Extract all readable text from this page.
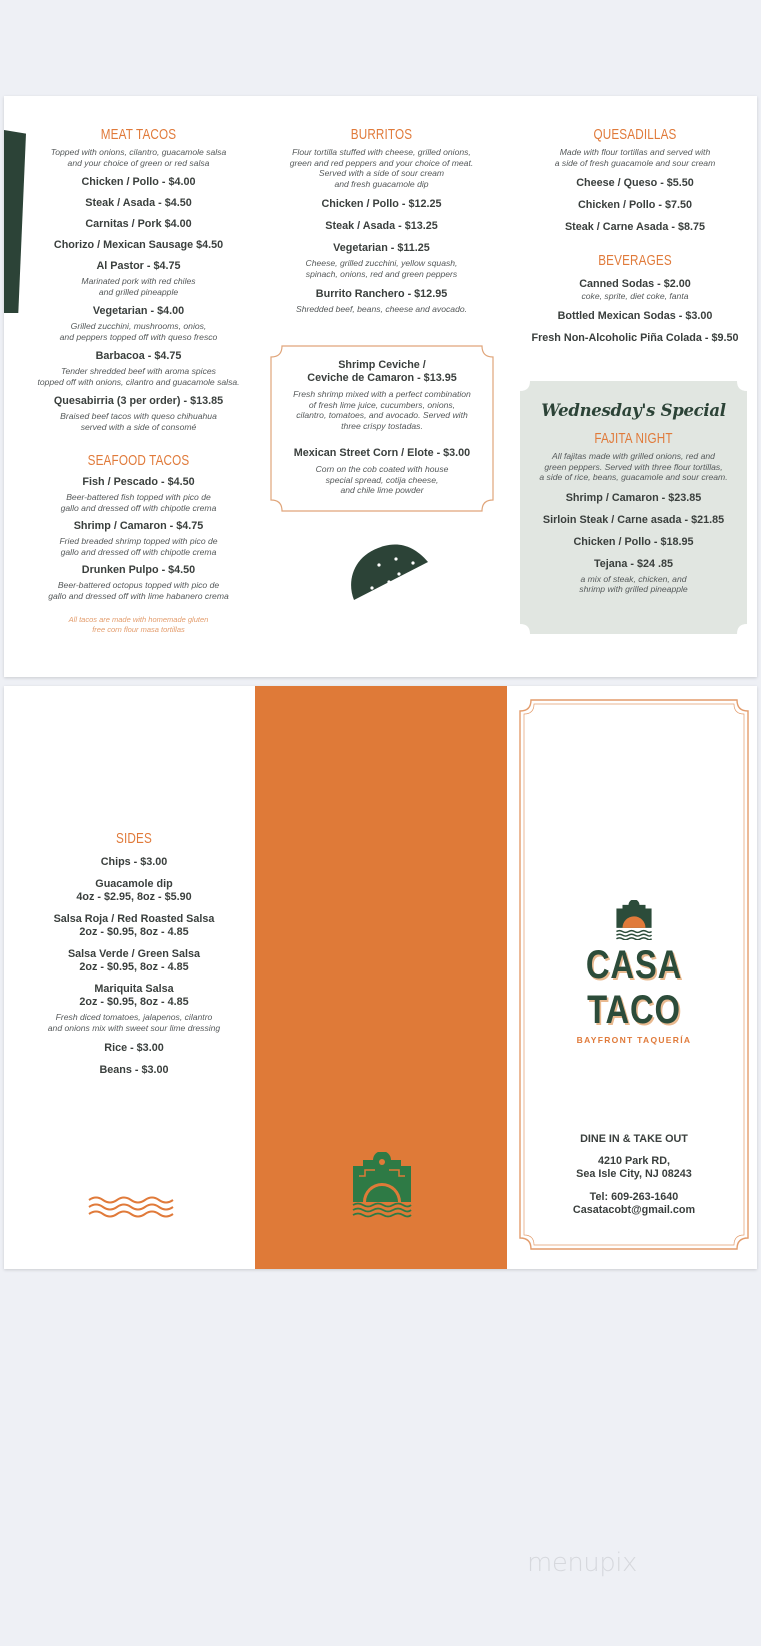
MEAT TACOS
Topped with onions, cilantro, guacamole salsa
and your choice of green or red salsa
Chicken / Pollo - $4.00
Steak / Asada - $4.50
Carnitas / Pork $4.00
Chorizo / Mexican Sausage $4.50
Al Pastor - $4.75
Marinated pork with red chiles
and grilled pineapple
Vegetarian - $4.00
Grilled zucchini, mushrooms, onios,
and peppers topped off with queso fresco
Barbacoa - $4.75
Tender shredded beef with aroma spices
topped off with onions, cilantro and guacamole salsa.
Quesabirria (3 per order) - $13.85
Braised beef tacos with queso chihuahua
served with a side of consomé
SEAFOOD TACOS
Fish / Pescado - $4.50
Beer-battered fish topped with pico de
gallo and dressed off with chipotle crema
Shrimp / Camaron - $4.75
Fried breaded shrimp topped with pico de
gallo and dressed off with chipotle crema
Drunken Pulpo - $4.50
Beer-battered octopus topped with pico de
gallo and dressed off with lime habanero crema
All tacos are made with homemade gluten
free corn flour masa tortillas
BURRITOS
Flour tortilla stuffed with cheese, grilled onions,
green and red peppers and your choice of meat.
Served with a side of sour cream
and fresh guacamole dip
Chicken / Pollo - $12.25
Steak / Asada - $13.25
Vegetarian - $11.25
Cheese, grilled zucchini, yellow squash,
spinach, onions, red and green peppers
Burrito Ranchero - $12.95
Shredded beef, beans, cheese and avocado.
Shrimp Ceviche /
Ceviche de Camaron - $13.95
Fresh shrimp mixed with a perfect combination
of fresh lime juice, cucumbers, onions,
cilantro, tomatoes, and avocado. Served with
three crispy tostadas.
Mexican Street Corn / Elote - $3.00
Corn on the cob coated with house
special spread, cotija cheese,
and chile lime powder
QUESADILLAS
Made with flour tortillas and served with
a side of fresh guacamole and sour cream
Cheese / Queso - $5.50
Chicken / Pollo - $7.50
Steak / Carne Asada - $8.75
BEVERAGES
Canned Sodas - $2.00
coke, sprite, diet coke, fanta
Bottled Mexican Sodas - $3.00
Fresh Non-Alcoholic Piña Colada - $9.50
Wednesday's Special
FAJITA NIGHT
All fajitas made with grilled onions, red and
green peppers. Served with three flour tortillas,
a side of rice, beans, guacamole and sour cream.
Shrimp / Camaron - $23.85
Sirloin Steak / Carne asada - $21.85
Chicken / Pollo - $18.95
Tejana - $24 .85
a mix of steak, chicken, and
shrimp with grilled pineapple
SIDES
Chips - $3.00
Guacamole dip
4oz - $2.95, 8oz - $5.90
Salsa Roja / Red Roasted Salsa
2oz - $0.95, 8oz - 4.85
Salsa Verde / Green Salsa
2oz - $0.95, 8oz - 4.85
Mariquita Salsa
2oz - $0.95, 8oz - 4.85
Fresh diced tomatoes, jalapenos, cilantro
and onions mix with sweet sour lime dressing
Rice - $3.00
Beans - $3.00
CASA TACO
BAYFRONT TAQUERÍA
DINE IN & TAKE OUT
4210 Park RD,
Sea Isle City, NJ 08243
Tel: 609-263-1640
Casatacobt@gmail.com
menupix
